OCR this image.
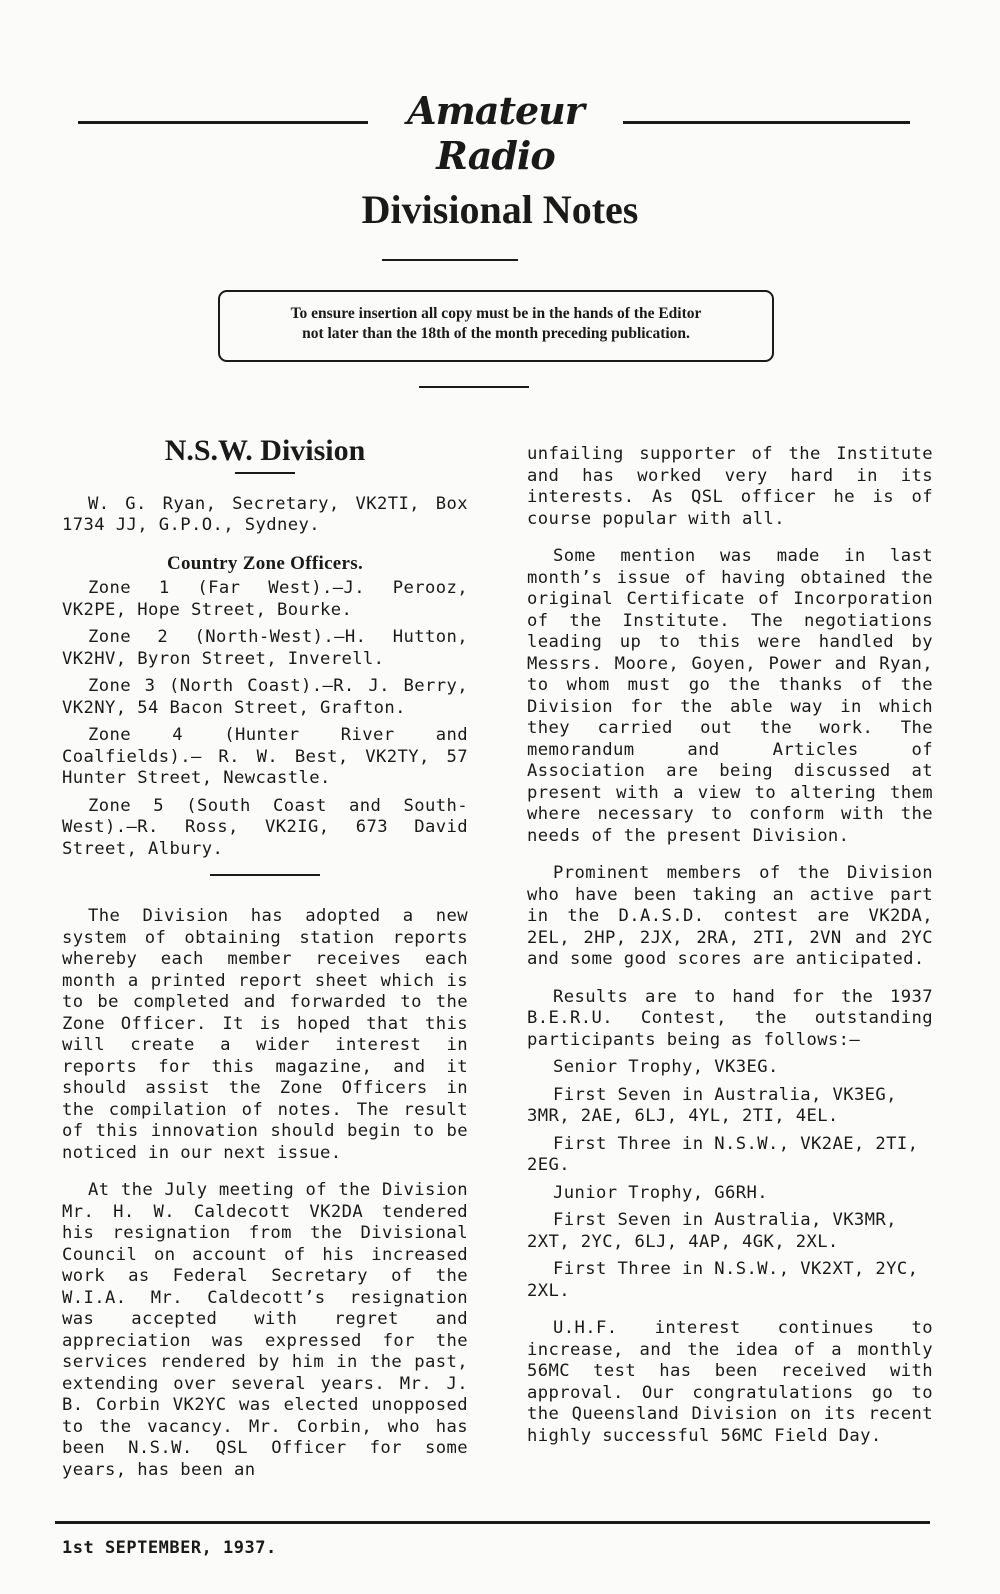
Amateur Radio
Divisional Notes
To ensure insertion all copy must be in the hands of the Editor
not later than the 18th of the month preceding publication.
N.S.W. Division

W. G. Ryan, Secretary, VK2TI, Box 1734 JJ, G.P.O., Sydney.

Country Zone Officers.

Zone 1 (Far West).—J. Perooz, VK2PE, Hope Street, Bourke.

Zone 2 (North-West).—H. Hutton, VK2HV, Byron Street, Inverell.

Zone 3 (North Coast).—R. J. Berry, VK2NY, 54 Bacon Street, Grafton.

Zone 4 (Hunter River and Coalfields).— R. W. Best, VK2TY, 57 Hunter Street, Newcastle.

Zone 5 (South Coast and South-West).—R. Ross, VK2IG, 673 David Street, Albury.

The Division has adopted a new system of obtaining station reports whereby each member receives each month a printed report sheet which is to be completed and forwarded to the Zone Officer. It is hoped that this will create a wider interest in reports for this magazine, and it should assist the Zone Officers in the compilation of notes. The result of this innovation should begin to be noticed in our next issue.

At the July meeting of the Division Mr. H. W. Caldecott VK2DA tendered his resignation from the Divisional Council on account of his increased work as Federal Secretary of the W.I.A. Mr. Caldecott’s resignation was accepted with regret and appreciation was expressed for the services rendered by him in the past, extending over several years. Mr. J. B. Corbin VK2YC was elected unopposed to the vacancy. Mr. Corbin, who has been N.S.W. QSL Officer for some years, has been an

unfailing supporter of the Institute and has worked very hard in its interests. As QSL officer he is of course popular with all.

Some mention was made in last month’s issue of having obtained the original Certificate of Incorporation of the Institute. The negotiations leading up to this were handled by Messrs. Moore, Goyen, Power and Ryan, to whom must go the thanks of the Division for the able way in which they carried out the work. The memorandum and Articles of Association are being discussed at present with a view to altering them where necessary to conform with the needs of the present Division.

Prominent members of the Division who have been taking an active part in the D.A.S.D. contest are VK2DA, 2EL, 2HP, 2JX, 2RA, 2TI, 2VN and 2YC and some good scores are anticipated.

Results are to hand for the 1937 B.E.R.U. Contest, the outstanding participants being as follows:—

Senior Trophy, VK3EG.

First Seven in Australia, VK3EG, 3MR, 2AE, 6LJ, 4YL, 2TI, 4EL.

First Three in N.S.W., VK2AE, 2TI, 2EG.

Junior Trophy, G6RH.

First Seven in Australia, VK3MR, 2XT, 2YC, 6LJ, 4AP, 4GK, 2XL.

First Three in N.S.W., VK2XT, 2YC, 2XL.

U.H.F. interest continues to increase, and the idea of a monthly 56MC test has been received with approval. Our congratulations go to the Queensland Division on its recent highly successful 56MC Field Day.

1st SEPTEMBER, 1937.
